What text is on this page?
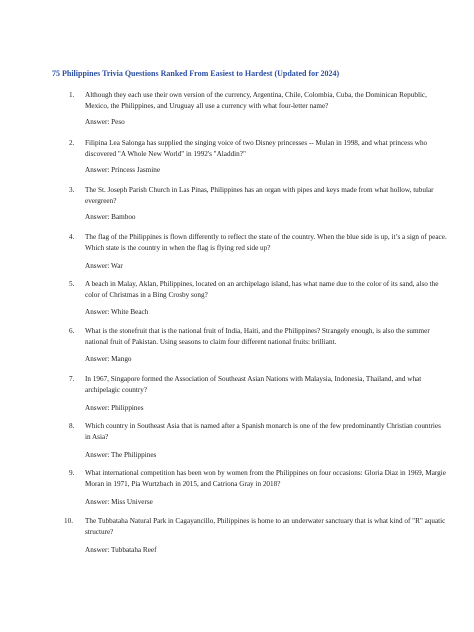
75 Philippines Trivia Questions Ranked From Easiest to Hardest (Updated for 2024)
1. Although they each use their own version of the currency, Argentina, Chile, Colombia, Cuba, the Dominican Republic, Mexico, the Philippines, and Uruguay all use a currency with what four-letter name?
Answer: Peso
2. Filipina Lea Salonga has supplied the singing voice of two Disney princesses -- Mulan in 1998, and what princess who discovered "A Whole New World" in 1992's "Aladdin?"
Answer: Princess Jasmine
3. The St. Joseph Parish Church in Las Pinas, Philippines has an organ with pipes and keys made from what hollow, tubular evergreen?
Answer: Bamboo
4. The flag of the Philippines is flown differently to reflect the state of the country. When the blue side is up, it’s a sign of peace. Which state is the country in when the flag is flying red side up?
Answer: War
5. A beach in Malay, Aklan, Philippines, located on an archipelago island, has what name due to the color of its sand, also the color of Christmas in a Bing Crosby song?
Answer: White Beach
6. What is the stonefruit that is the national fruit of India, Haiti, and the Philippines? Strangely enough, is also the summer national fruit of Pakistan. Using seasons to claim four different national fruits: brilliant.
Answer: Mango
7. In 1967, Singapore formed the Association of Southeast Asian Nations with Malaysia, Indonesia, Thailand, and what archipelagic country?
Answer: Philippines
8. Which country in Southeast Asia that is named after a Spanish monarch is one of the few predominantly Christian countries in Asia?
Answer: The Philippines
9. What international competition has been won by women from the Philippines on four occasions: Gloria Diaz in 1969, Margie Moran in 1971, Pia Wurtzbach in 2015, and Catriona Gray in 2018?
Answer: Miss Universe
10. The Tubbataha Natural Park in Cagayancillo, Philippines is home to an underwater sanctuary that is what kind of "R" aquatic structure?
Answer: Tubbataha Reef
